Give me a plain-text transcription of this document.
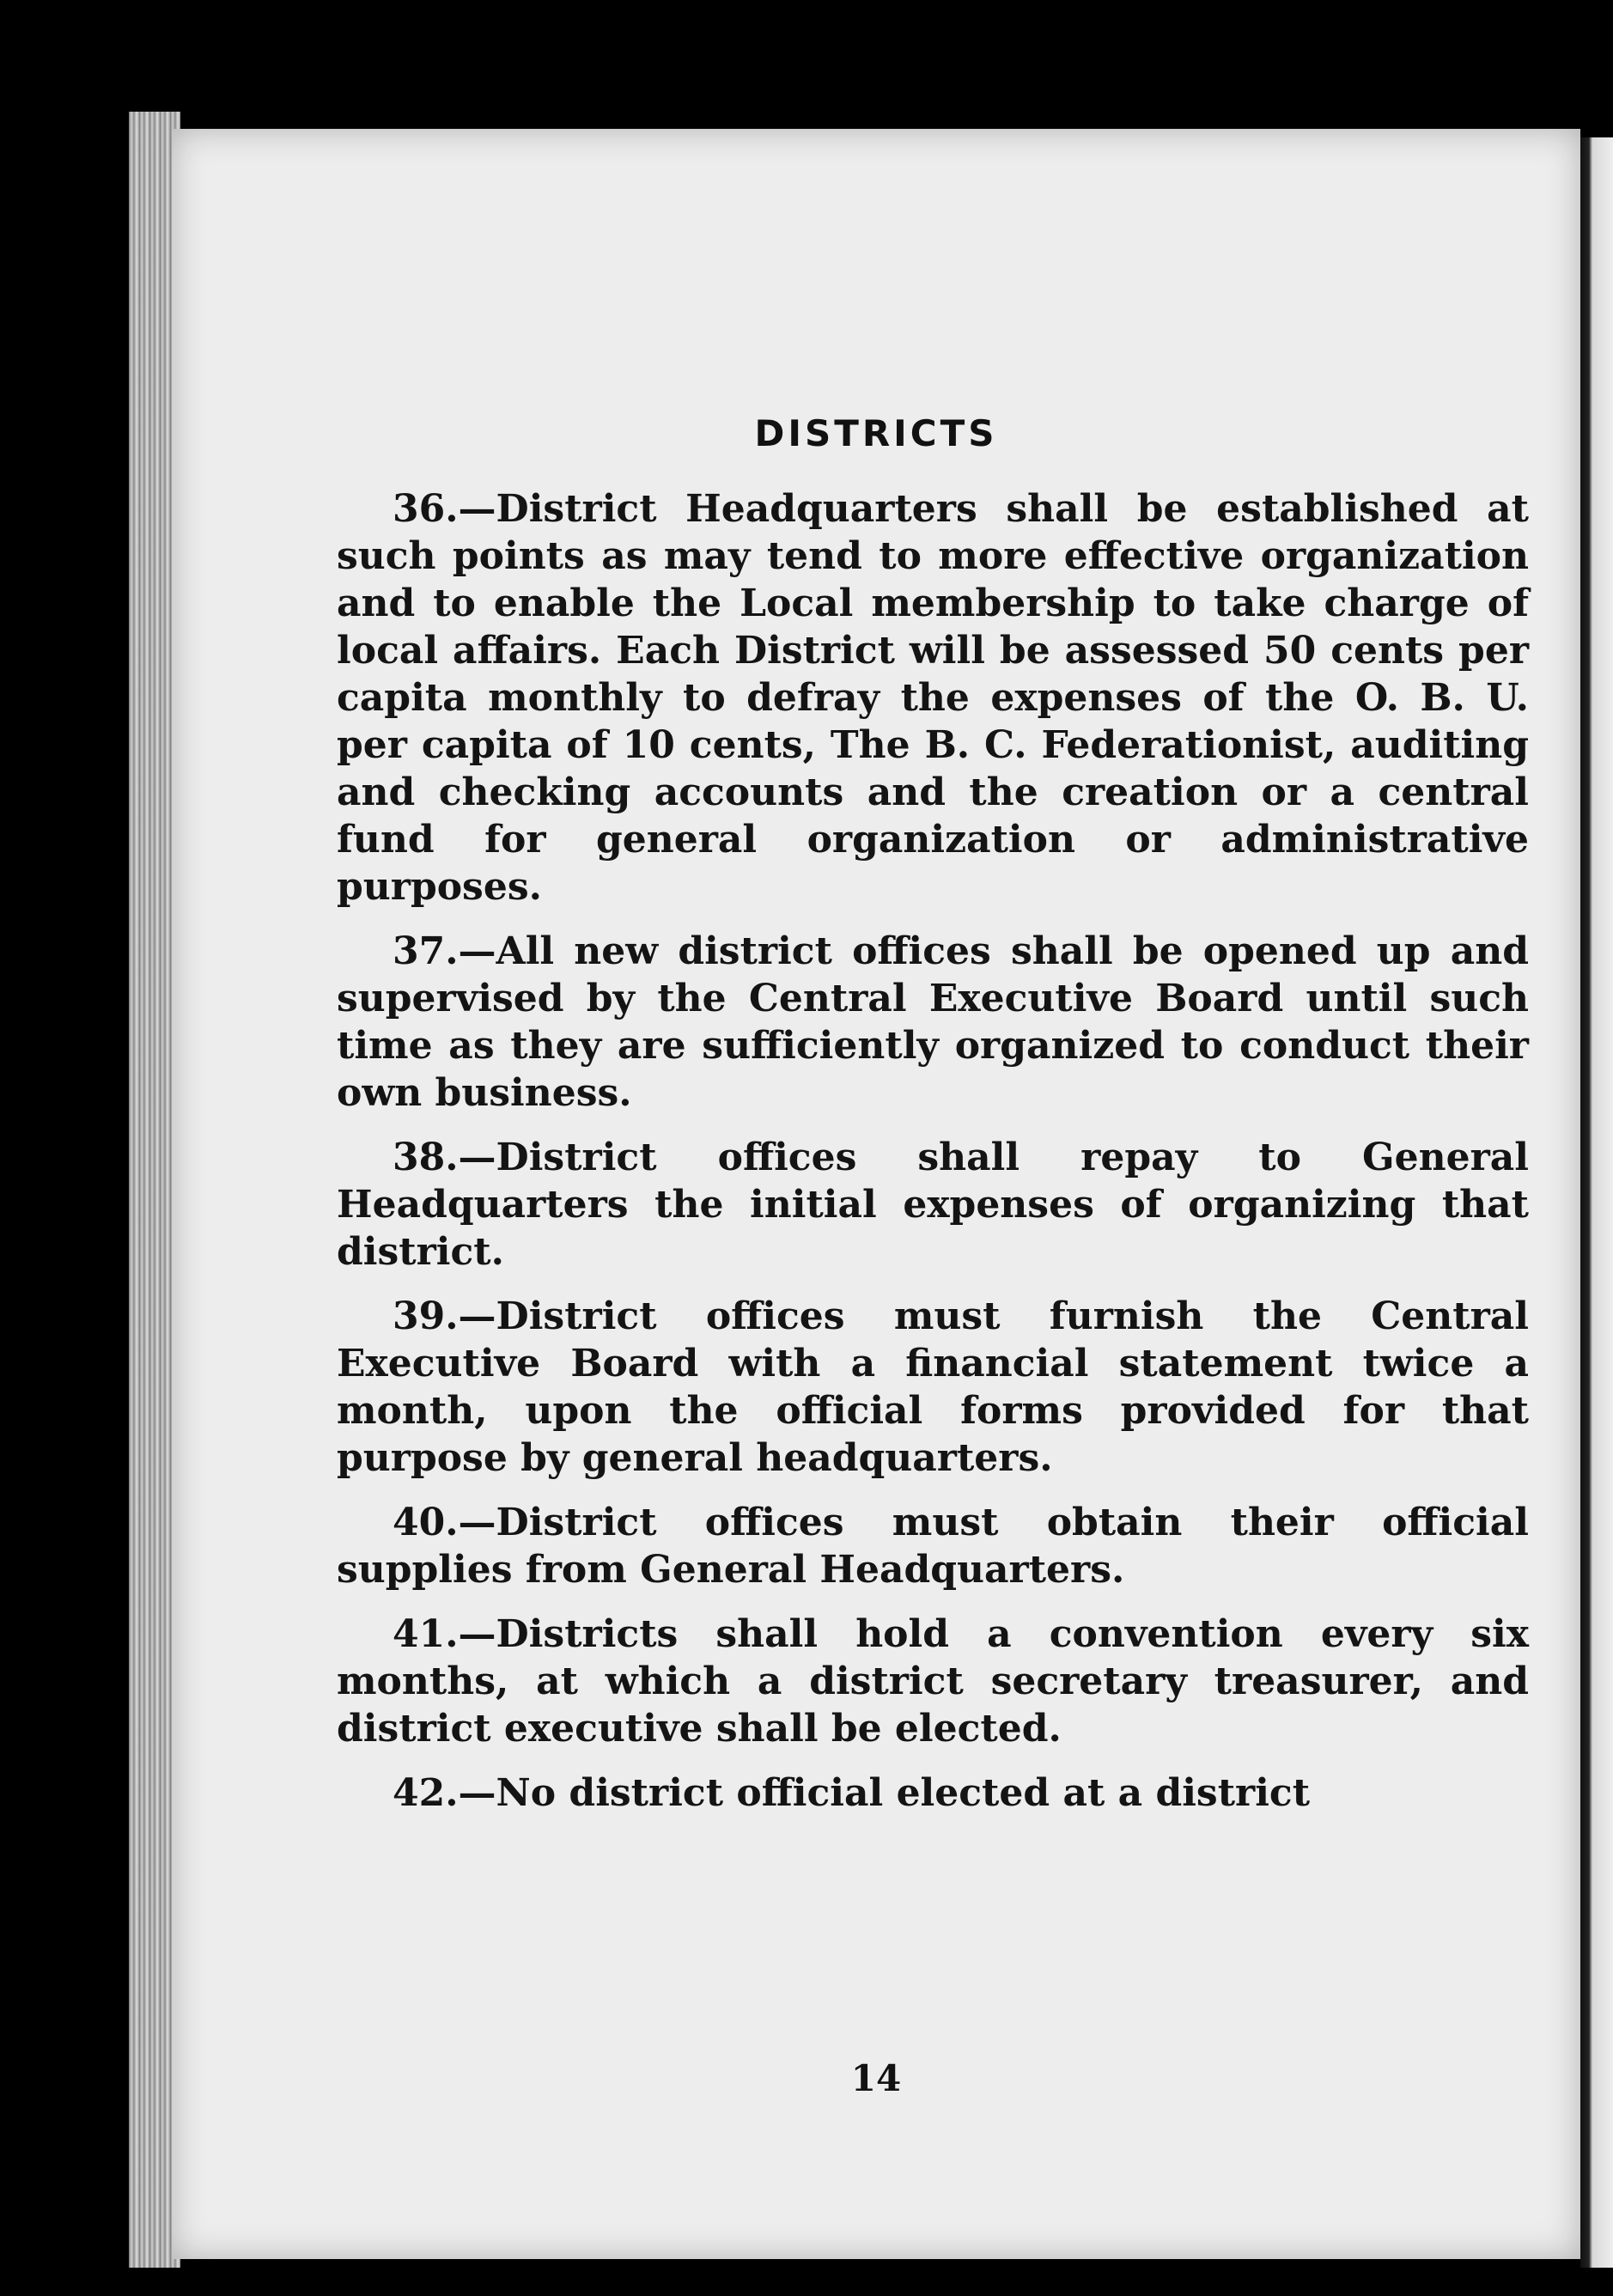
DISTRICTS

36.—District Headquarters shall be established at such points as may tend to more effective organization and to enable the Local membership to take charge of local affairs. Each District will be assessed 50 cents per capita monthly to defray the expenses of the O. B. U. per capita of 10 cents, The B. C. Federationist, auditing and checking accounts and the creation or a central fund for general organization or administrative purposes.

37.—All new district offices shall be opened up and supervised by the Central Executive Board until such time as they are sufficiently organized to conduct their own business.

38.—District offices shall repay to General Headquarters the initial expenses of organizing that district.

39.—District offices must furnish the Central Executive Board with a financial statement twice a month, upon the official forms provided for that purpose by general headquarters.

40.—District offices must obtain their official supplies from General Headquarters.

41.—Districts shall hold a convention every six months, at which a district secretary treasurer, and district executive shall be elected.

42.—No district official elected at a district

14
